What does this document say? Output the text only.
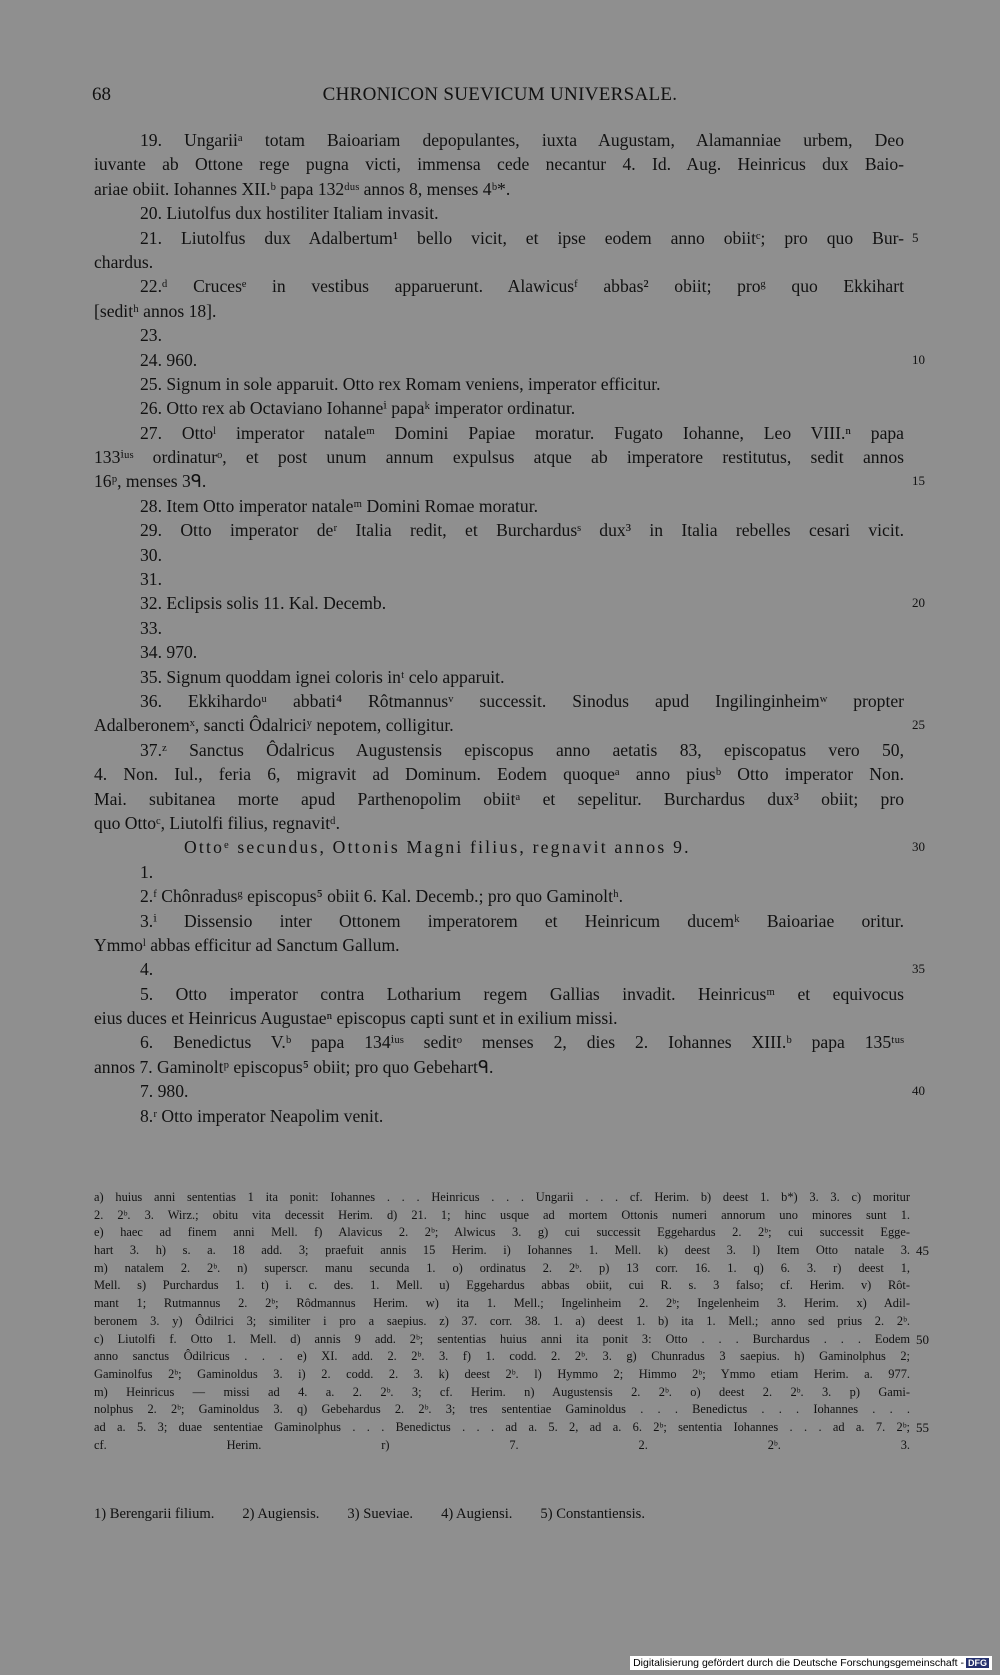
68	CHRONICON SUEVICUM UNIVERSALE.
19. Ungariiᵃ totam Baioariam depopulantes, iuxta Augustam, Alamanniae urbem, Deo
iuvante ab Ottone rege pugna victi, immensa cede necantur 4. Id. Aug. Heinricus dux Baio-
ariae obiit. Iohannes XII.ᵇ papa 132ᵈᵘˢ annos 8, menses 4ᵇ*.
20. Liutolfus dux hostiliter Italiam invasit.
21. Liutolfus dux Adalbertum¹ bello vicit, et ipse eodem anno obiitᶜ; pro quo Bur- 5
chardus.
22.ᵈ Crucesᵉ in vestibus apparuerunt. Alawicusᶠ abbas² obiit; proᵍ quo Ekkihart
[seditʰ annos 18].
23.
24. 960.	10
25. Signum in sole apparuit. Otto rex Romam veniens, imperator efficitur.
26. Otto rex ab Octaviano Iohanneⁱ papaᵏ imperator ordinatur.
27. Ottoˡ imperator nataleᵐ Domini Papiae moratur. Fugato Iohanne, Leo VIII.ⁿ papa
133ⁱᵘˢ ordinaturᵒ, et post unum annum expulsus atque ab imperatore restitutus, sedit annos
16ᵖ, menses 3ᑫ.	15
28. Item Otto imperator nataleᵐ Domini Romae moratur.
29. Otto imperator deʳ Italia redit, et Burchardusˢ dux³ in Italia rebelles cesari vicit.
30.
31.
32. Eclipsis solis 11. Kal. Decemb.	20
33.
34. 970.
35. Signum quoddam ignei coloris inᵗ celo apparuit.
36. Ekkihardoᵘ abbati⁴ Rôtmannusᵛ successit. Sinodus apud Ingilinginheimʷ propter
Adalberonemˣ, sancti Ôdalriciʸ nepotem, colligitur.	25
37.ᶻ Sanctus Ôdalricus Augustensis episcopus anno aetatis 83, episcopatus vero 50,
4. Non. Iul., feria 6, migravit ad Dominum. Eodem quoqueᵃ anno piusᵇ Otto imperator Non.
Mai. subitanea morte apud Parthenopolim obiitᵃ et sepelitur. Burchardus dux³ obiit; pro
quo Ottoᶜ, Liutolfi filius, regnavitᵈ.
Ottoᵉ secundus, Ottonis Magni filius, regnavit annos 9.	30
1.
2.ᶠ Chônradusᵍ episcopus⁵ obiit 6. Kal. Decemb.; pro quo Gaminoltʰ.
3.ⁱ Dissensio inter Ottonem imperatorem et Heinricum ducemᵏ Baioariae oritur.
Ymmoˡ abbas efficitur ad Sanctum Gallum.
4.	35
5. Otto imperator contra Lotharium regem Gallias invadit. Heinricusᵐ et equivocus
eius duces et Heinricus Augustaeⁿ episcopus capti sunt et in exilium missi.
6. Benedictus V.ᵇ papa 134ⁱᵘˢ seditᵒ menses 2, dies 2. Iohannes XIII.ᵇ papa 135ᵗᵘˢ
annos 7. Gaminoltᵖ episcopus⁵ obiit; pro quo Gebehartᑫ.
7. 980.	40
8.ʳ Otto imperator Neapolim venit.
a) huius anni sententias 1 ita ponit: Iohannes . . . Heinricus . . . Ungarii . . . cf. Herim. b) deest 1. b*) 3. 3. c) moritur
2. 2ᵇ. 3. Wirz.; obitu vita decessit Herim. d) 21. 1; hinc usque ad mortem Ottonis numeri annorum uno minores sunt 1.
e) haec ad finem anni Mell. f) Alavicus 2. 2ᵇ; Alwicus 3. g) cui successit Eggehardus 2. 2ᵇ; cui successit Egge-
hart 3. h) s. a. 18 add. 3; praefuit annis 15 Herim. i) Iohannes 1. Mell. k) deest 3. l) Item Otto natale 3. 45
m) natalem 2. 2ᵇ. n) superscr. manu secunda 1. o) ordinatus 2. 2ᵇ. p) 13 corr. 16. 1. q) 6. 3. r) deest 1,
Mell. s) Purchardus 1. t) i. c. des. 1. Mell. u) Eggehardus abbas obiit, cui R. s. 3 falso; cf. Herim. v) Rôt-
mant 1; Rutmannus 2. 2ᵇ; Rôdmannus Herim. w) ita 1. Mell.; Ingelinheim 2. 2ᵇ; Ingelenheim 3. Herim. x) Adil-
beronem 3. y) Ôdilrici 3; similiter i pro a saepius. z) 37. corr. 38. 1. a) deest 1. b) ita 1. Mell.; anno sed prius 2. 2ᵇ.
c) Liutolfi f. Otto 1. Mell. d) annis 9 add. 2ᵇ; sententias huius anni ita ponit 3: Otto . . . Burchardus . . . Eodem 50
anno sanctus Ôdilricus . . . e) XI. add. 2. 2ᵇ. 3. f) 1. codd. 2. 2ᵇ. 3. g) Chunradus 3 saepius. h) Gaminolphus 2;
Gaminolfus 2ᵇ; Gaminoldus 3. i) 2. codd. 2. 3. k) deest 2ᵇ. l) Hymmo 2; Himmo 2ᵇ; Ymmo etiam Herim. a. 977.
m) Heinricus — missi ad 4. a. 2. 2ᵇ. 3; cf. Herim. n) Augustensis 2. 2ᵇ. o) deest 2. 2ᵇ. 3. p) Gami-
nolphus 2. 2ᵇ; Gaminoldus 3. q) Gebehardus 2. 2ᵇ. 3; tres sententiae Gaminoldus . . . Benedictus . . . Iohannes . . .
ad a. 5. 3; duae sententiae Gaminolphus . . . Benedictus . . . ad a. 5. 2, ad a. 6. 2ᵇ; sententia Iohannes . . . ad a. 7. 2ᵇ; 55
cf. Herim. r) 7. 2. 2ᵇ. 3.
1) Berengarii filium. 2) Augiensis. 3) Sueviae. 4) Augiensi. 5) Constantiensis.
Digitalisierung gefördert durch die Deutsche Forschungsgemeinschaft - DFG
